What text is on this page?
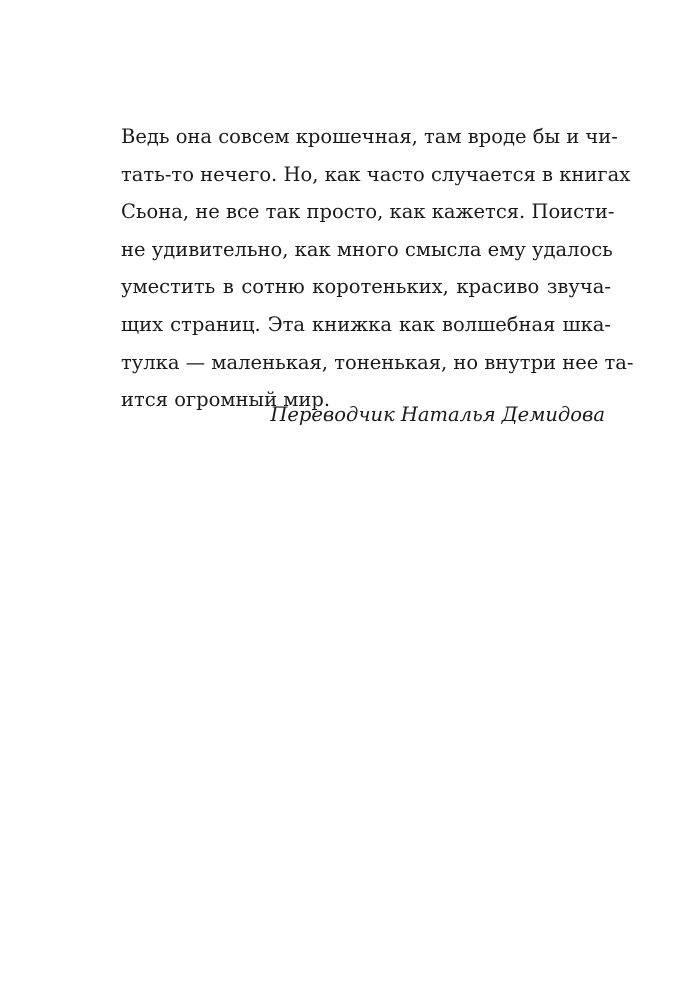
Ведь она совсем крошечная, там вроде бы и чи-
тать-то нечего. Но, как часто случается в книгах
Сьона, не все так просто, как кажется. Поисти-
не удивительно, как много смысла ему удалось
уместить в сотню коротеньких, красиво звуча-
щих страниц. Эта книжка как волшебная шка-
тулка — маленькая, тоненькая, но внутри нее та-
ится огромный мир.
Переводчик Наталья Демидова
